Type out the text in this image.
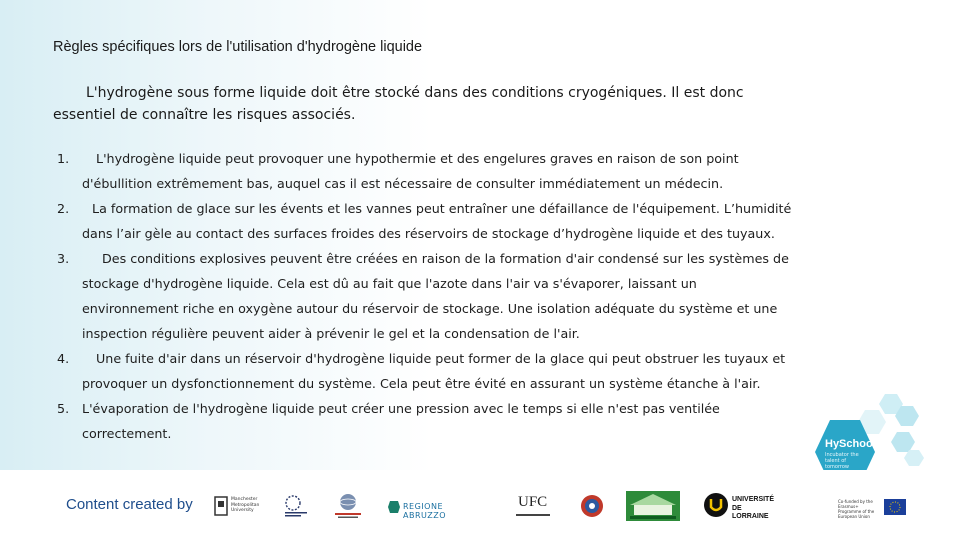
Règles spécifiques lors de l'utilisation d'hydrogène liquide
L'hydrogène sous forme liquide doit être stocké dans des conditions cryogéniques. Il est donc essentiel de connaître les risques associés.
1. L'hydrogène liquide peut provoquer une hypothermie et des engelures graves en raison de son point d'ébullition extrêmement bas, auquel cas il est nécessaire de consulter immédiatement un médecin.
2. La formation de glace sur les évents et les vannes peut entraîner une défaillance de l'équipement. L’humidité dans l’air gèle au contact des surfaces froides des réservoirs de stockage d’hydrogène liquide et des tuyaux.
3.	Des conditions explosives peuvent être créées en raison de la formation d'air condensé sur les systèmes de stockage d'hydrogène liquide. Cela est dû au fait que l'azote dans l'air va s'évaporer, laissant un environnement riche en oxygène autour du réservoir de stockage. Une isolation adéquate du système et une inspection régulière peuvent aider à prévenir le gel et la condensation de l'air.
4. Une fuite d'air dans un réservoir d'hydrogène liquide peut former de la glace qui peut obstruer les tuyaux et provoquer un dysfonctionnement du système. Cela peut être évité en assurant un système étanche à l'air.
5. L'évaporation de l'hydrogène liquide peut créer une pression avec le temps si elle n'est pas ventilée correctement.
HySchools
Incubator the talent of tomorrow
Content created by	Manchester Metropolitan University	REGIONE ABRUZZO
UFC	UNIVERSITÉ DE LORRAINE
Co-funded by the Erasmus+ Programme of the European Union
